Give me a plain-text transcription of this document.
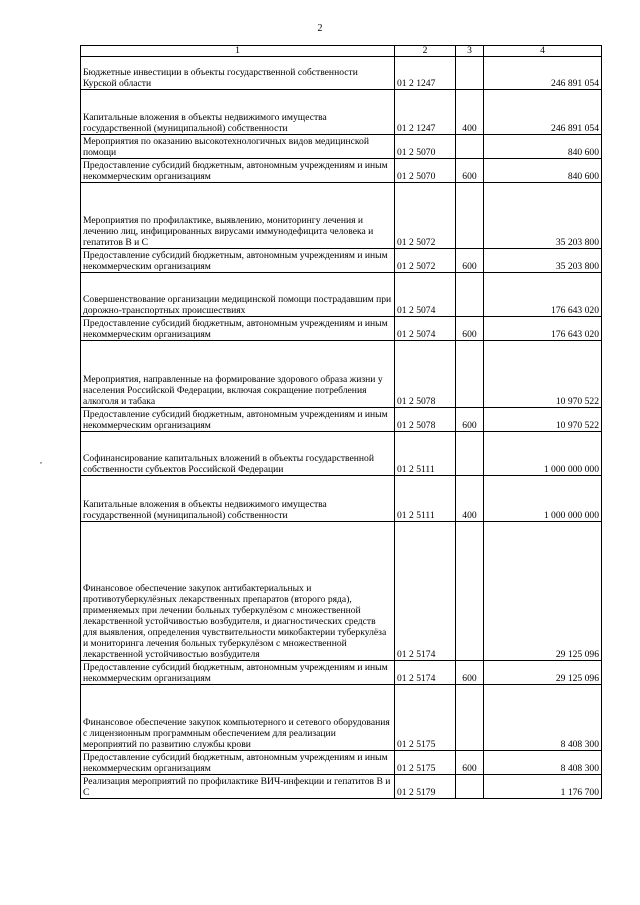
2
,
1	2	3	4
Бюджетные инвестиции в объекты государственной собственности Курской области	01 2 1247		246 891 054
Капитальные вложения в объекты недвижимого имущества государственной (муниципальной) собственности	01 2 1247	400	246 891 054
Мероприятия по оказанию высокотехнологичных видов медицинской помощи	01 2 5070		840 600
Предоставление субсидий бюджетным, автономным учреждениям и иным некоммерческим организациям	01 2 5070	600	840 600
Мероприятия по профилактике, выявлению, мониторингу лечения и лечению лиц, инфицированных вирусами иммунодефицита человека и гепатитов В и С	01 2 5072		35 203 800
Предоставление субсидий бюджетным, автономным учреждениям и иным некоммерческим организациям	01 2 5072	600	35 203 800
Совершенствование организации медицинской помощи пострадавшим при дорожно-транспортных происшествиях	01 2 5074		176 643 020
Предоставление субсидий бюджетным, автономным учреждениям и иным некоммерческим организациям	01 2 5074	600	176 643 020
Мероприятия, направленные на формирование здорового образа жизни у населения Российской Федерации, включая сокращение потребления алкоголя и табака	01 2 5078		10 970 522
Предоставление субсидий бюджетным, автономным учреждениям и иным некоммерческим организациям	01 2 5078	600	10 970 522
Софинансирование капитальных вложений в объекты государственной собственности субъектов Российской Федерации	01 2 5111		1 000 000 000
Капитальные вложения в объекты недвижимого имущества государственной (муниципальной) собственности	01 2 5111	400	1 000 000 000
Финансовое обеспечение закупок антибактериальных и противотуберкулёзных лекарственных препаратов (второго ряда), применяемых при лечении больных туберкулёзом с множественной лекарственной устойчивостью возбудителя, и диагностических средств для выявления, определения чувствительности микобактерии туберкулёза и мониторинга лечения больных туберкулёзом с множественной лекарственной устойчивостью возбудителя	01 2 5174		29 125 096
Предоставление субсидий бюджетным, автономным учреждениям и иным некоммерческим организациям	01 2 5174	600	29 125 096
Финансовое обеспечение закупок компьютерного и сетевого оборудования с лицензионным программным обеспечением для реализации мероприятий по развитию службы крови	01 2 5175		8 408 300
Предоставление субсидий бюджетным, автономным учреждениям и иным некоммерческим организациям	01 2 5175	600	8 408 300
Реализация мероприятий по профилактике ВИЧ-инфекции и гепатитов В и С	01 2 5179		1 176 700
